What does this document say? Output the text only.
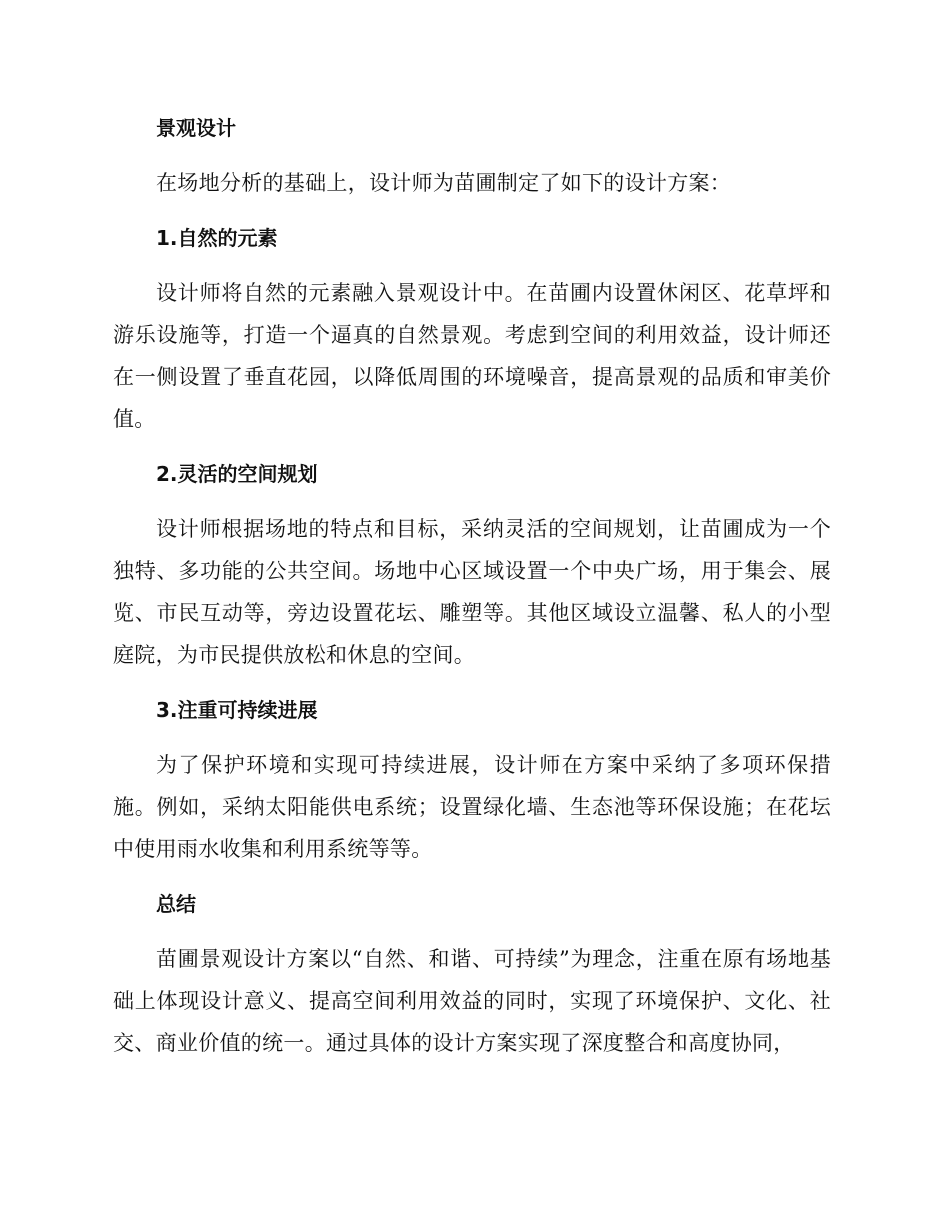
景观设计

在场地分析的基础上，设计师为苗圃制定了如下的设计方案：

1.自然的元素

设计师将自然的元素融入景观设计中。在苗圃内设置休闲区、花草坪和游乐设施等，打造一个逼真的自然景观。考虑到空间的利用效益，设计师还在一侧设置了垂直花园，以降低周围的环境噪音，提高景观的品质和审美价值。

2.灵活的空间规划

设计师根据场地的特点和目标，采纳灵活的空间规划，让苗圃成为一个独特、多功能的公共空间。场地中心区域设置一个中央广场，用于集会、展览、市民互动等，旁边设置花坛、雕塑等。其他区域设立温馨、私人的小型庭院，为市民提供放松和休息的空间。

3.注重可持续进展

为了保护环境和实现可持续进展，设计师在方案中采纳了多项环保措施。例如，采纳太阳能供电系统；设置绿化墙、生态池等环保设施；在花坛中使用雨水收集和利用系统等等。

总结

苗圃景观设计方案以“自然、和谐、可持续”为理念，注重在原有场地基础上体现设计意义、提高空间利用效益的同时，实现了环境保护、文化、社交、商业价值的统一。通过具体的设计方案实现了深度整合和高度协同，
